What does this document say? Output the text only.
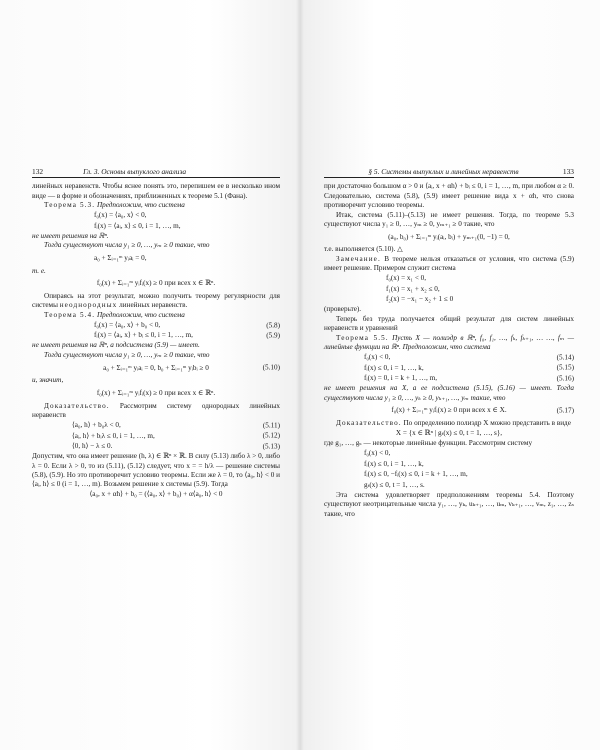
132	Гл. 3. Основы выпуклого анализа

линейных неравенств. Чтобы яснее понять это, перепишем ее в несколько ином виде — в форме и обозначениях, приближенных к теореме 5.1 (Фана).

Теорема 5.3. Предположим, что система

f₀(x) = ⟨a₀, x⟩ < 0,
fᵢ(x) = ⟨aᵢ, x⟩ ≤ 0, i = 1, …, m,

не имеет решения на ℝⁿ.

Тогда существуют числа y₁ ≥ 0, …, yₘ ≥ 0 такие, что

a₀ + Σᵢ₌₁ᵐ yᵢaᵢ = 0,

т. е.

f₀(x) + Σᵢ₌₁ᵐ yᵢfᵢ(x) ≥ 0 при всех x ∈ ℝⁿ.

Опираясь на этот результат, можно получить теорему регулярности для системы неоднородных линейных неравенств.

Теорема 5.4. Предположим, что система

f₀(x) = ⟨a₀, x⟩ + b₀ < 0,	(5.8)
fᵢ(x) = ⟨aᵢ, x⟩ + bᵢ ≤ 0, i = 1, …, m,	(5.9)

не имеет решения на ℝⁿ, а подсистема (5.9) — имеет.

Тогда существуют числа y₁ ≥ 0, …, yₘ ≥ 0 такие, что

a₀ + Σᵢ₌₁ᵐ yᵢaᵢ = 0, b₀ + Σᵢ₌₁ᵐ yᵢbᵢ ≥ 0	(5.10)

и, значит,

f₀(x) + Σᵢ₌₁ᵐ yᵢfᵢ(x) ≥ 0 при всех x ∈ ℝⁿ.

Доказательство. Рассмотрим систему однородных линейных неравенств

⟨a₀, h⟩ + b₀λ < 0,	(5.11)
⟨aᵢ, h⟩ + bᵢλ ≤ 0, i = 1, …, m,	(5.12)
⟨0, h⟩ − λ ≤ 0.	(5.13)

Допустим, что она имеет решение (h, λ) ∈ ℝⁿ × ℝ. В силу (5.13) либо λ > 0, либо λ = 0. Если λ > 0, то из (5.11), (5.12) следует, что x = = h/λ — решение системы (5.8), (5.9). Но это противоречит условию теоремы. Если же λ = 0, то ⟨a₀, h⟩ < 0 и ⟨aᵢ, h⟩ ≤ 0 (i = 1, …, m). Возьмем решение x системы (5.9). Тогда

⟨a₀, x + αh⟩ + b₀ = (⟨a₀, x⟩ + b₀) + α⟨a₀, h⟩ < 0
§ 5. Системы выпуклых и линейных неравенств	133

при достаточно большом α > 0 и ⟨aᵢ, x + αh⟩ + bᵢ ≤ 0, i = 1, …, m, при любом α ≥ 0. Следовательно, система (5.8), (5.9) имеет решение вида x + αh, что снова противоречит условию теоремы.

Итак, система (5.11)–(5.13) не имеет решения. Тогда, по теореме 5.3 существуют числа y₁ ≥ 0, …, yₘ ≥ 0, yₘ₊₁ ≥ 0 такие, что

(a₀, b₀) + Σᵢ₌₁ᵐ yᵢ(aᵢ, bᵢ) + yₘ₊₁(0, −1) = 0,

т.е. выполняется (5.10). △

Замечание. В теореме нельзя отказаться от условия, что система (5.9) имеет решение. Примером служит система

f₀(x) = x₁ < 0,
f₁(x) = x₁ + x₂ ≤ 0,
f₂(x) = −x₁ − x₂ + 1 ≤ 0

(проверьте).

Теперь без труда получается общий результат для систем линейных неравенств и уравнений

Теорема 5.5. Пусть X — полиэдр в ℝⁿ, f₀, f₁, …, fₖ, fₖ₊₁, … …, fₘ — линейные функции на ℝⁿ. Предположим, что система

f₀(x) < 0,	(5.14)
fᵢ(x) ≤ 0, i = 1, …, k,	(5.15)
fᵢ(x) = 0, i = k + 1, …, m,	(5.16)

не имеет решения на X, а ее подсистема (5.15), (5.16) — имеет. Тогда существуют числа y₁ ≥ 0, …, yₖ ≥ 0, yₖ₊₁, …, yₘ такие, что

f₀(x) + Σᵢ₌₁ᵐ yᵢfᵢ(x) ≥ 0 при всех x ∈ X.	(5.17)

Доказательство. По определению полиэдр X можно представить в виде

X = {x ∈ ℝⁿ | gₜ(x) ≤ 0, t = 1, …, s},

где g₁, …, gₛ — некоторые линейные функции. Рассмотрим систему

f₀(x) < 0,
fᵢ(x) ≤ 0, i = 1, …, k,
fᵢ(x) ≤ 0, −fᵢ(x) ≤ 0, i = k + 1, …, m,
gₜ(x) ≤ 0, t = 1, …, s.

Эта система удовлетворяет предположениям теоремы 5.4. Поэтому существуют неотрицательные числа y₁, …, yₖ, uₖ₊₁, …, uₘ, vₖ₊₁, …, vₘ, z₁, …, zₛ такие, что
